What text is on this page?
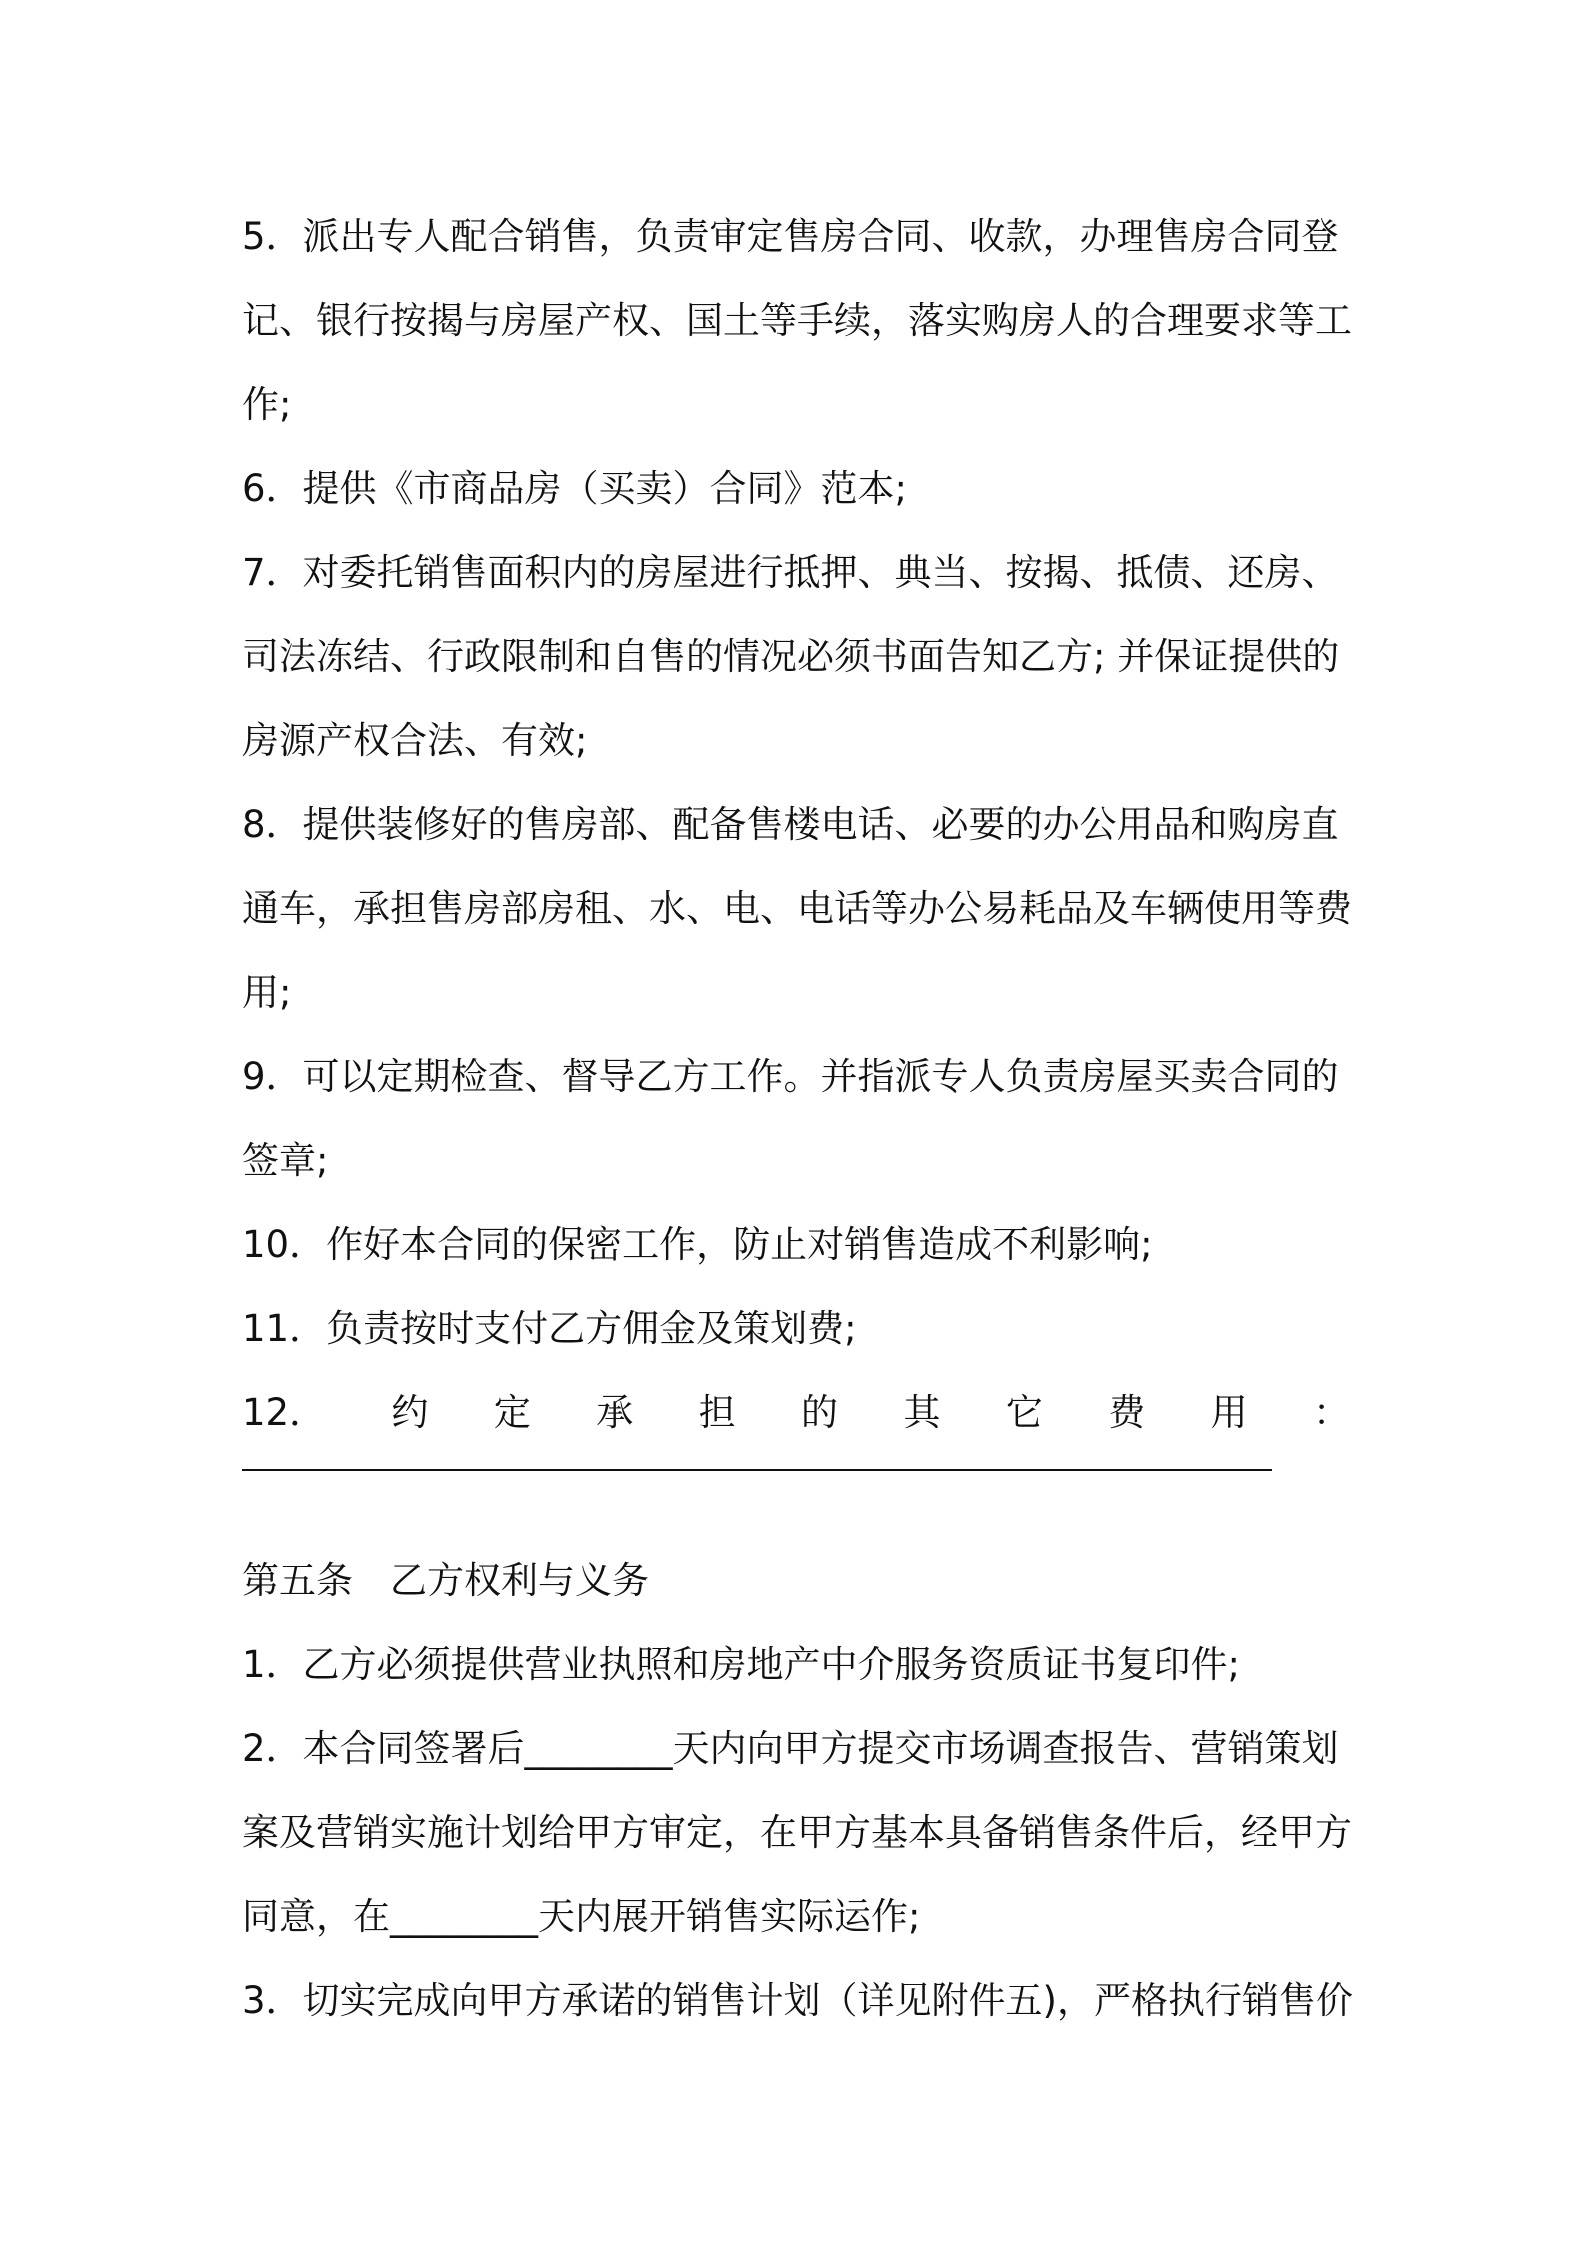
5．派出专人配合销售，负责审定售房合同、收款，办理售房合同登
记、银行按揭与房屋产权、国土等手续，落实购房人的合理要求等工
作;
6．提供《市商品房（买卖）合同》范本;
7．对委托销售面积内的房屋进行抵押、典当、按揭、抵债、还房、
司法冻结、行政限制和自售的情况必须书面告知乙方; 并保证提供的
房源产权合法、有效;
8．提供装修好的售房部、配备售楼电话、必要的办公用品和购房直
通车，承担售房部房租、水、电、电话等办公易耗品及车辆使用等费
用;
9．可以定期检查、督导乙方工作。并指派专人负责房屋买卖合同的
签章;
10．作好本合同的保密工作，防止对销售造成不利影响;
11．负责按时支付乙方佣金及策划费;
12． 约 定 承 担 的 其 它 费 用 ：
第五条　乙方权利与义务
1．乙方必须提供营业执照和房地产中介服务资质证书复印件;
2．本合同签署后________天内向甲方提交市场调查报告、营销策划
案及营销实施计划给甲方审定，在甲方基本具备销售条件后，经甲方
同意，在________天内展开销售实际运作;
3．切实完成向甲方承诺的销售计划（详见附件五)，严格执行销售价
